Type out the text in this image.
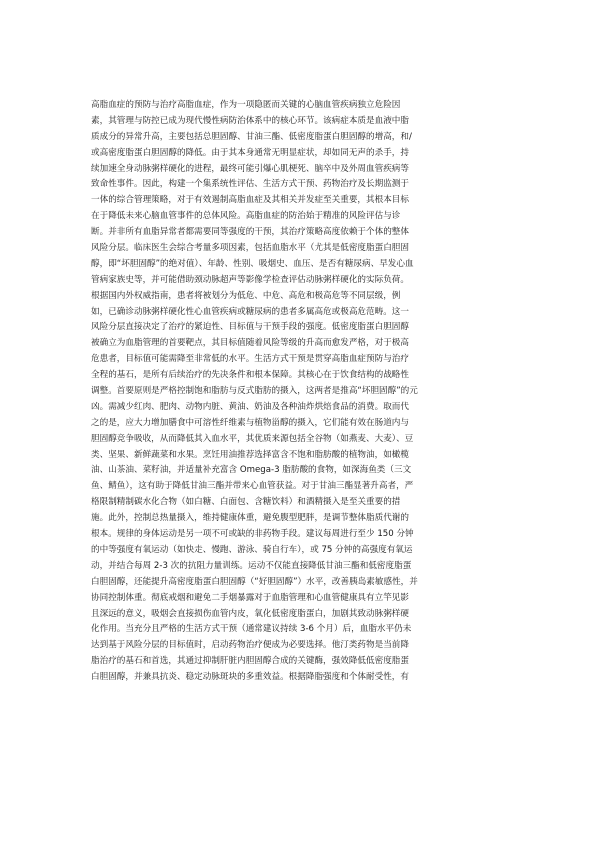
高脂血症的预防与治疗高脂血症，作为一项隐匿而关键的心脑血管疾病独立危险因
素，其管理与防控已成为现代慢性病防治体系中的核心环节。该病症本质是血液中脂
质成分的异常升高，主要包括总胆固醇、甘油三酯、低密度脂蛋白胆固醇的增高，和/
或高密度脂蛋白胆固醇的降低。由于其本身通常无明显症状，却如同无声的杀手，持
续加速全身动脉粥样硬化的进程，最终可能引爆心肌梗死、脑卒中及外周血管疾病等
致命性事件。因此，构建一个集系统性评估、生活方式干预、药物治疗及长期监测于
一体的综合管理策略，对于有效遏制高脂血症及其相关并发症至关重要，其根本目标
在于降低未来心脑血管事件的总体风险。高脂血症的防治始于精准的风险评估与诊
断。并非所有血脂异常者都需要同等强度的干预，其治疗策略高度依赖于个体的整体
风险分层。临床医生会综合考量多项因素，包括血脂水平（尤其是低密度脂蛋白胆固
醇，即“坏胆固醇”的绝对值）、年龄、性别、吸烟史、血压、是否有糖尿病、早发心血
管病家族史等，并可能借助颈动脉超声等影像学检查评估动脉粥样硬化的实际负荷。
根据国内外权威指南，患者将被划分为低危、中危、高危和极高危等不同层级，例
如，已确诊动脉粥样硬化性心血管疾病或糖尿病的患者多属高危或极高危范畴。这一
风险分层直接决定了治疗的紧迫性、目标值与干预手段的强度。低密度脂蛋白胆固醇
被确立为血脂管理的首要靶点，其目标值随着风险等级的升高而愈发严格，对于极高
危患者，目标值可能需降至非常低的水平。生活方式干预是贯穿高脂血症预防与治疗
全程的基石，是所有后续治疗的先决条件和根本保障。其核心在于饮食结构的战略性
调整。首要原则是严格控制饱和脂肪与反式脂肪的摄入，这两者是推高“坏胆固醇”的元
凶。需减少红肉、肥肉、动物内脏、黄油、奶油及各种油炸烘焙食品的消费。取而代
之的是，应大力增加膳食中可溶性纤维素与植物甾醇的摄入，它们能有效在肠道内与
胆固醇竞争吸收，从而降低其入血水平，其优质来源包括全谷物（如燕麦、大麦）、豆
类、坚果、新鲜蔬菜和水果。烹饪用油推荐选择富含不饱和脂肪酸的植物油，如橄榄
油、山茶油、菜籽油，并适量补充富含 Omega-3 脂肪酸的食物，如深海鱼类（三文
鱼、鲭鱼），这有助于降低甘油三酯并带来心血管获益。对于甘油三酯显著升高者，严
格限制精制碳水化合物（如白糖、白面包、含糖饮料）和酒精摄入是至关重要的措
施。此外，控制总热量摄入，维持健康体重，避免腹型肥胖，是调节整体脂质代谢的
根本。规律的身体运动是另一项不可或缺的非药物手段。建议每周进行至少 150 分钟
的中等强度有氧运动（如快走、慢跑、游泳、骑自行车），或 75 分钟的高强度有氧运
动，并结合每周 2-3 次的抗阻力量训练。运动不仅能直接降低甘油三酯和低密度脂蛋
白胆固醇，还能提升高密度脂蛋白胆固醇（“好胆固醇”）水平，改善胰岛素敏感性，并
协同控制体重。彻底戒烟和避免二手烟暴露对于血脂管理和心血管健康具有立竿见影
且深远的意义，吸烟会直接损伤血管内皮，氧化低密度脂蛋白，加剧其致动脉粥样硬
化作用。当充分且严格的生活方式干预（通常建议持续 3-6 个月）后，血脂水平仍未
达到基于风险分层的目标值时，启动药物治疗便成为必要选择。他汀类药物是当前降
脂治疗的基石和首选，其通过抑制肝脏内胆固醇合成的关键酶，强效降低低密度脂蛋
白胆固醇，并兼具抗炎、稳定动脉斑块的多重效益。根据降脂强度和个体耐受性，有
